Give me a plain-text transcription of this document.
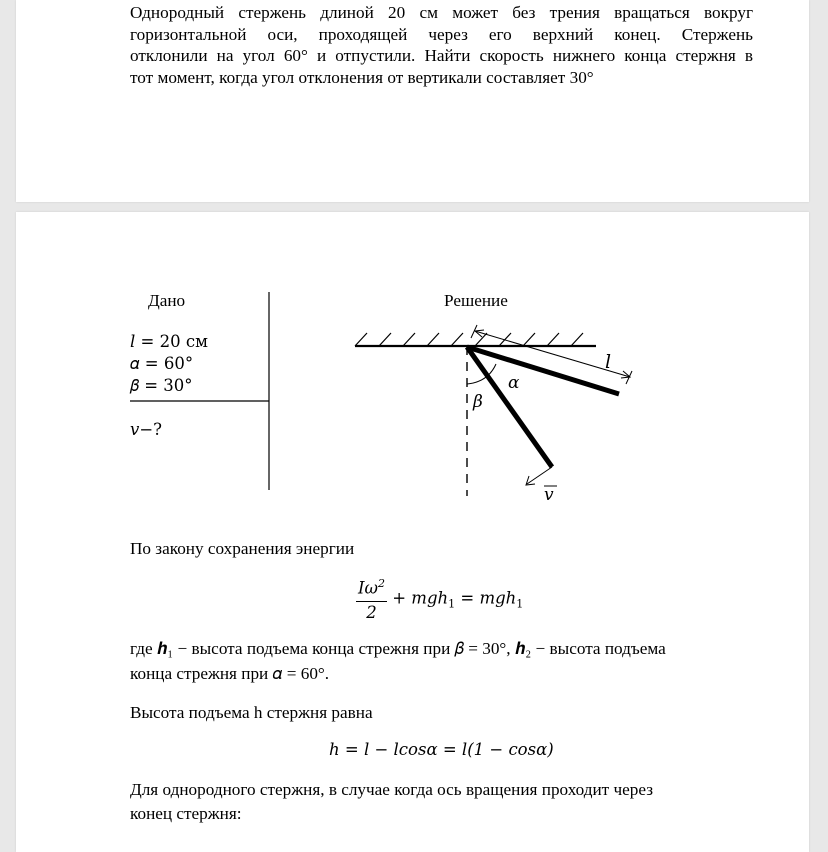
Однородный стержень длиной 20 см может без трения вращаться вокруг
горизонтальной оси, проходящей через его верхний конец. Стержень
отклонили на угол 60° и отпустили. Найти скорость нижнего конца стержня в
тот момент, когда угол отклонения от вертикали составляет 30°
l
α
β
v
Дано
𝑙 = 20 см
𝛼 = 60°
𝛽 = 30°
𝑣−?
Решение
По закону сохранения энергии
$\frac{I\omega^2}{2} + mgh_1 = mgh_1$
где 𝒉₁ − высота подъема конца стрежня при 𝛽 = 30°, 𝒉₂ − высота подъема
конца стрежня при 𝛼 = 60°.
Высота подъема h стержня равна
h = l − lcosα = l(1 − cosα)
Для однородного стержня, в случае когда ось вращения проходит через
конец стержня:
